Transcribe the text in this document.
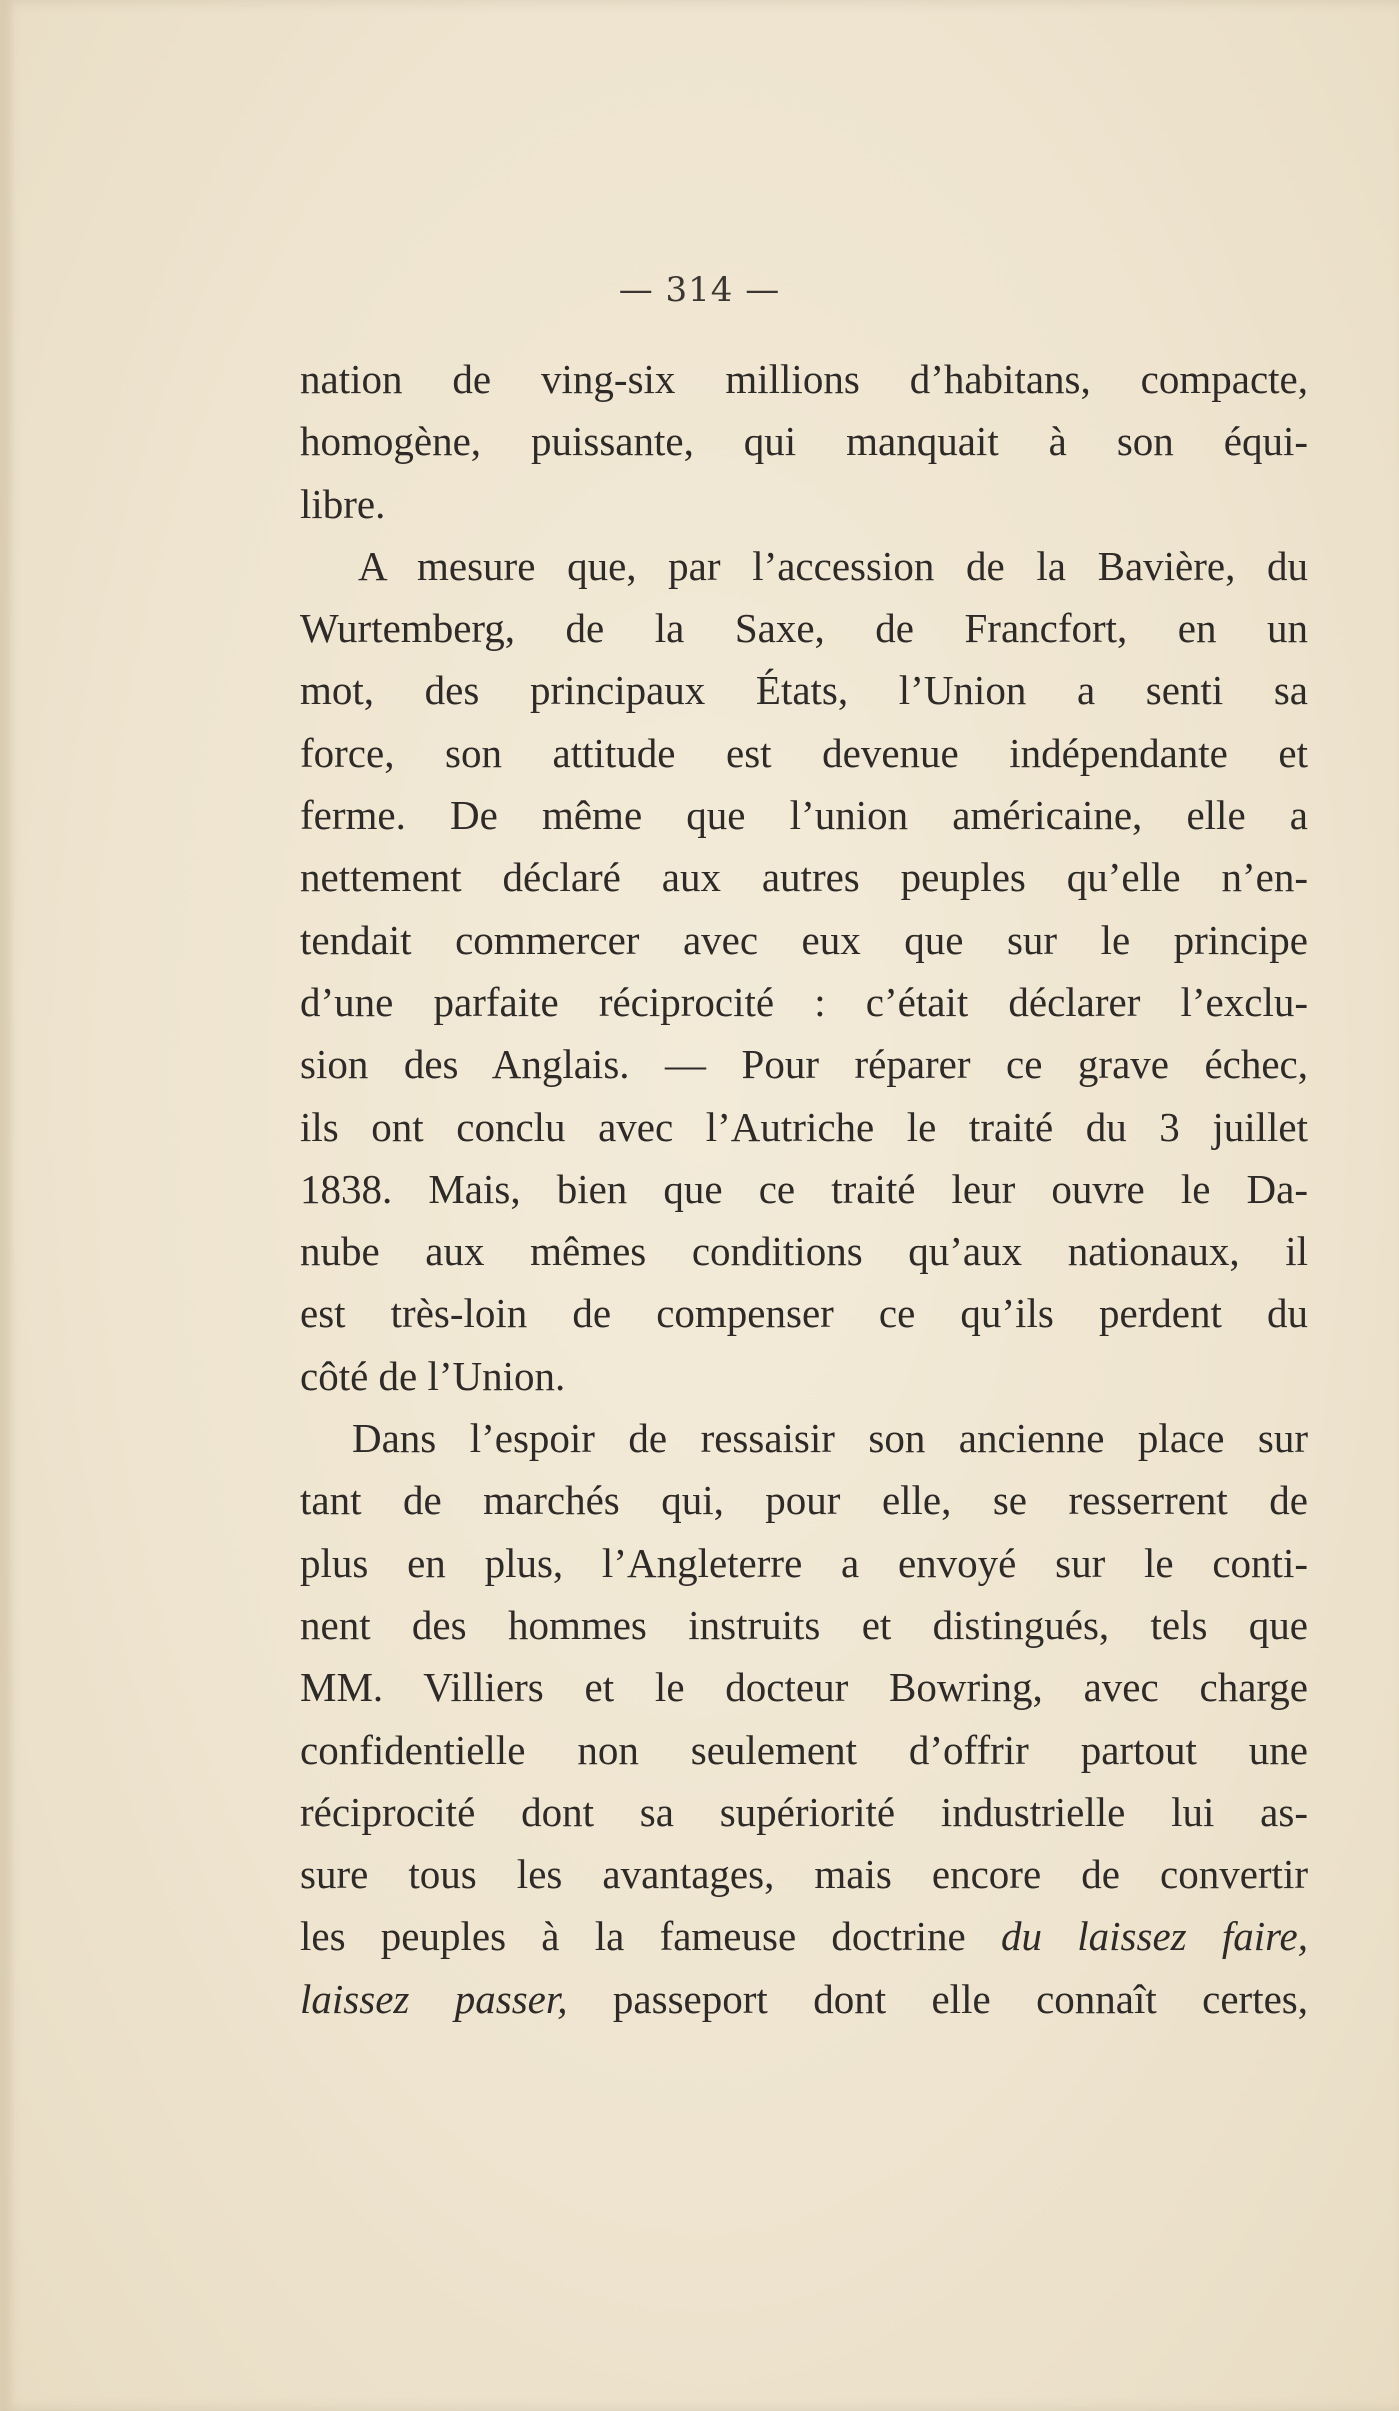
— 314 —
nation de ving-six millions d’habitans, compacte,
homogène, puissante, qui manquait à son équi-
libre.
A mesure que, par l’accession de la Bavière, du
Wurtemberg, de la Saxe, de Francfort, en un
mot, des principaux États, l’Union a senti sa
force, son attitude est devenue indépendante et
ferme. De même que l’union américaine, elle a
nettement déclaré aux autres peuples qu’elle n’en-
tendait commercer avec eux que sur le principe
d’une parfaite réciprocité : c’était déclarer l’exclu-
sion des Anglais. — Pour réparer ce grave échec,
ils ont conclu avec l’Autriche le traité du 3 juillet
1838. Mais, bien que ce traité leur ouvre le Da-
nube aux mêmes conditions qu’aux nationaux, il
est très-loin de compenser ce qu’ils perdent du
côté de l’Union.
Dans l’espoir de ressaisir son ancienne place sur
tant de marchés qui, pour elle, se resserrent de
plus en plus, l’Angleterre a envoyé sur le conti-
nent des hommes instruits et distingués, tels que
MM. Villiers et le docteur Bowring, avec charge
confidentielle non seulement d’offrir partout une
réciprocité dont sa supériorité industrielle lui as-
sure tous les avantages, mais encore de convertir
les peuples à la fameuse doctrine du laissez faire,
laissez passer, passeport dont elle connaît certes,
